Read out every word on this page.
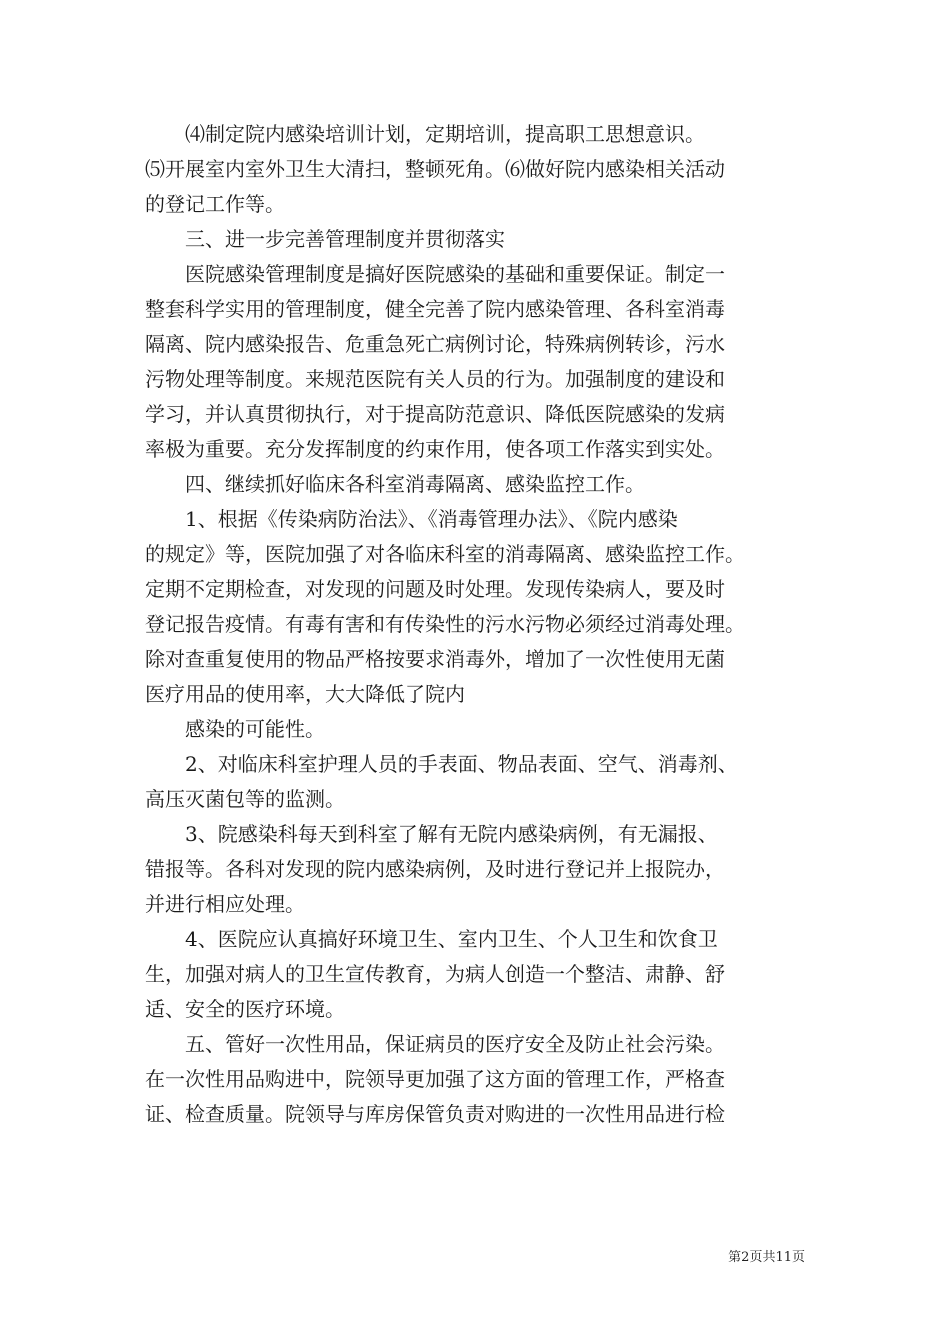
⑷制定院内感染培训计划，定期培训，提高职工思想意识。
⑸开展室内室外卫生大清扫，整顿死角。⑹做好院内感染相关活动
的登记工作等。
三、进一步完善管理制度并贯彻落实
医院感染管理制度是搞好医院感染的基础和重要保证。制定一
整套科学实用的管理制度，健全完善了院内感染管理、各科室消毒
隔离、院内感染报告、危重急死亡病例讨论，特殊病例转诊，污水
污物处理等制度。来规范医院有关人员的行为。加强制度的建设和
学习，并认真贯彻执行，对于提高防范意识、降低医院感染的发病
率极为重要。充分发挥制度的约束作用，使各项工作落实到实处。
四、继续抓好临床各科室消毒隔离、感染监控工作。
1、根据《传染病防治法》、《消毒管理办法》、《院内感染
的规定》等，医院加强了对各临床科室的消毒隔离、感染监控工作。
定期不定期检查，对发现的问题及时处理。发现传染病人，要及时
登记报告疫情。有毒有害和有传染性的污水污物必须经过消毒处理。
除对查重复使用的物品严格按要求消毒外，增加了一次性使用无菌
医疗用品的使用率，大大降低了院内
感染的可能性。
2、对临床科室护理人员的手表面、物品表面、空气、消毒剂、
高压灭菌包等的监测。
3、院感染科每天到科室了解有无院内感染病例，有无漏报、
错报等。各科对发现的院内感染病例，及时进行登记并上报院办，
并进行相应处理。
4、医院应认真搞好环境卫生、室内卫生、个人卫生和饮食卫
生，加强对病人的卫生宣传教育，为病人创造一个整洁、肃静、舒
适、安全的医疗环境。
五、管好一次性用品，保证病员的医疗安全及防止社会污染。
在一次性用品购进中，院领导更加强了这方面的管理工作，严格查
证、检查质量。院领导与库房保管负责对购进的一次性用品进行检
第2页共11页
